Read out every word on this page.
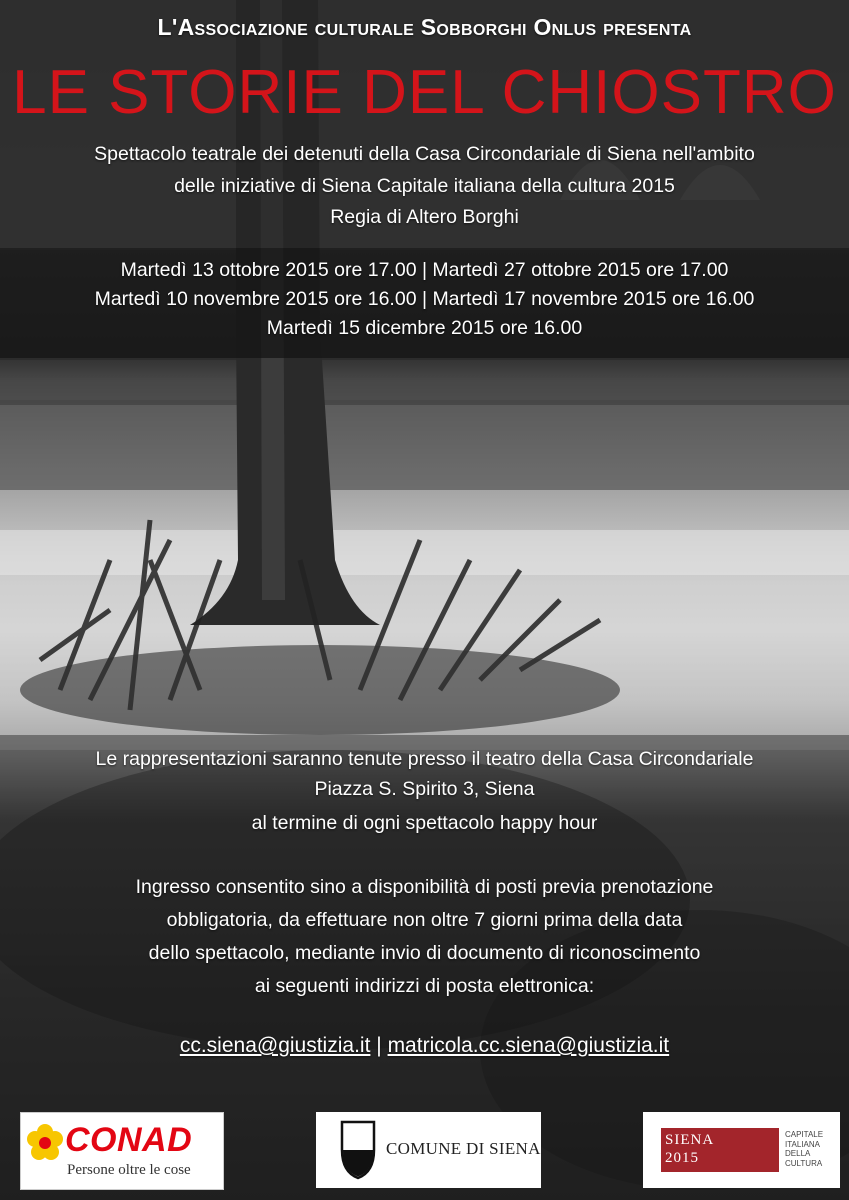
L'Associazione culturale Sobborghi Onlus presenta
LE STORIE DEL CHIOSTRO
Spettacolo teatrale dei detenuti della Casa Circondariale di Siena nell'ambito
delle iniziative di Siena Capitale italiana della cultura 2015
Regia di Altero Borghi
Martedì 13 ottobre 2015 ore 17.00 | Martedì 27 ottobre 2015 ore 17.00
Martedì 10 novembre 2015 ore 16.00 | Martedì 17 novembre 2015 ore 16.00
Martedì 15 dicembre 2015 ore 16.00
Le rappresentazioni saranno tenute presso il teatro della Casa Circondariale
Piazza S. Spirito 3, Siena
al termine di ogni spettacolo happy hour
Ingresso consentito sino a disponibilità di posti previa prenotazione
obbligatoria, da effettuare non oltre 7 giorni prima della data
dello spettacolo, mediante invio di documento di riconoscimento
ai seguenti indirizzi di posta elettronica:
cc.siena@giustizia.it | matricola.cc.siena@giustizia.it
CONAD
Persone oltre le cose
COMUNE DI SIENA	SIENA
2015
CAPITALE
ITALIANA
DELLA
CULTURA
